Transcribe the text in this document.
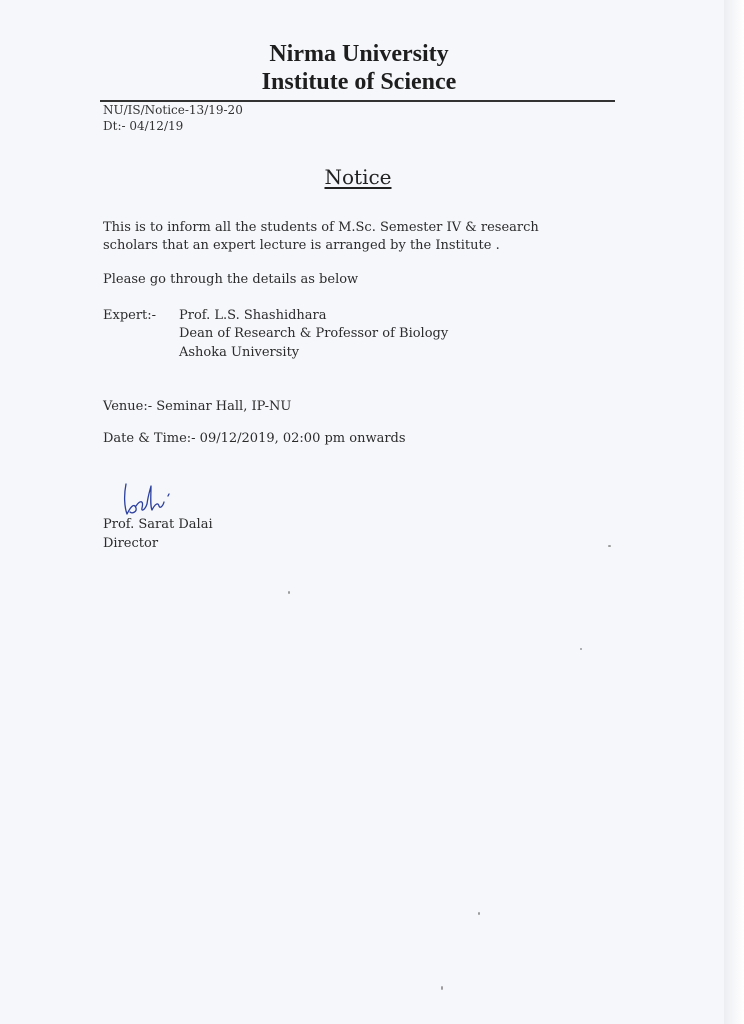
Nirma University
Institute of Science
NU/IS/Notice-13/19-20
Dt:- 04/12/19
Notice
This is to inform all the students of M.Sc. Semester IV & research
scholars that an expert lecture is arranged by the Institute .
Please go through the details as below
Expert:- Prof. L.S. Shashidhara
Dean of Research & Professor of Biology
Ashoka University
Venue:- Seminar Hall, IP-NU
Date & Time:- 09/12/2019, 02:00 pm onwards
Prof. Sarat Dalai
Director
